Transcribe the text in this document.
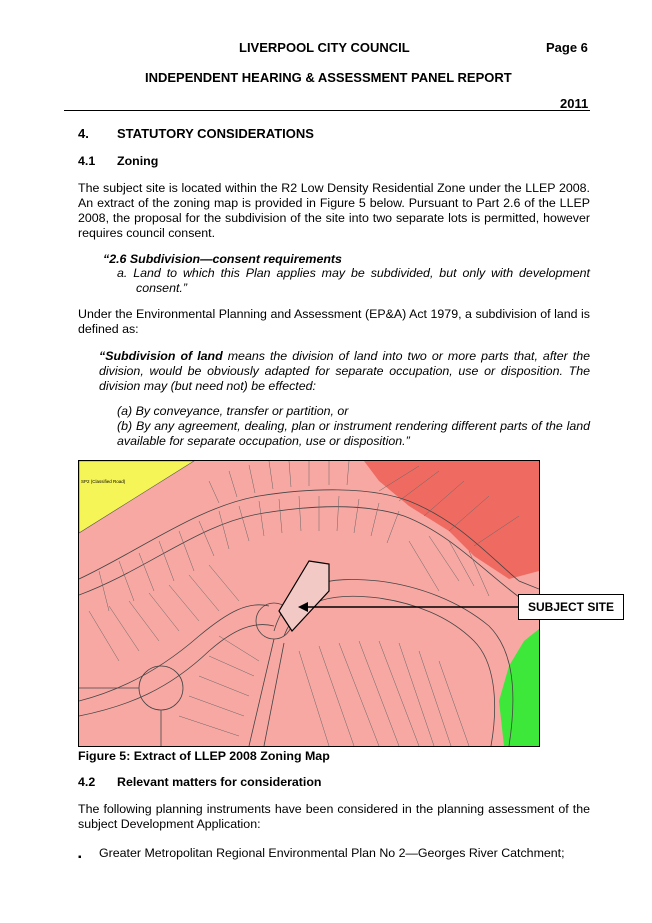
LIVERPOOL CITY COUNCIL	Page 6
INDEPENDENT HEARING & ASSESSMENT PANEL REPORT
2011
4. STATUTORY CONSIDERATIONS
4.1 Zoning
The subject site is located within the R2 Low Density Residential Zone under the LLEP 2008.
An extract of the zoning map is provided in Figure 5 below. Pursuant to Part 2.6 of the LLEP
2008, the proposal for the subdivision of the site into two separate lots is permitted, however
requires council consent.
“2.6 Subdivision—consent requirements
a. Land to which this Plan applies may be subdivided, but only with development
consent.”
Under the Environmental Planning and Assessment (EP&A) Act 1979, a subdivision of land is
defined as:
“Subdivision of land means the division of land into two or more parts that, after the
division, would be obviously adapted for separate occupation, use or disposition. The
division may (but need not) be effected:
(a) By conveyance, transfer or partition, or
(b) By any agreement, dealing, plan or instrument rendering different parts of the land
available for separate occupation, use or disposition.”
SP2 (Classified Road)
SUBJECT SITE
Figure 5: Extract of LLEP 2008 Zoning Map
4.2 Relevant matters for consideration
The following planning instruments have been considered in the planning assessment of the
subject Development Application:
▪ Greater Metropolitan Regional Environmental Plan No 2—Georges River Catchment;
